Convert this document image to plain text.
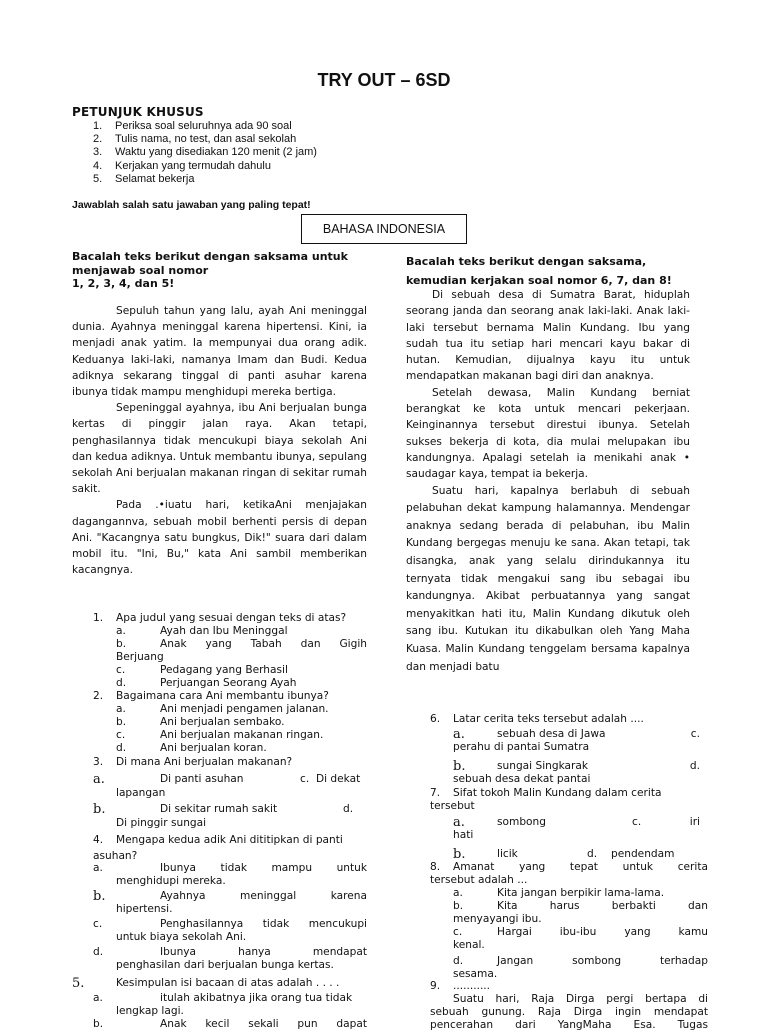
TRY OUT – 6SD
PETUNJUK KHUSUS
1.	Periksa soal seluruhnya ada 90 soal
2.	Tulis nama, no test, dan asal sekolah
3.	Waktu yang disediakan 120 menit (2 jam)
4.	Kerjakan yang termudah dahulu
5.	Selamat bekerja
Jawablah salah satu jawaban yang paling tepat!
BAHASA INDONESIA
Bacalah teks berikut dengan saksama untuk
menjawab soal nomor
1, 2, 3, 4, dan 5!

Sepuluh tahun yang lalu, ayah Ani meninggal dunia. Ayahnya meninggal karena hipertensi. Kini, ia menjadi anak yatim. Ia mempunyai dua orang adik. Keduanya laki-laki, namanya Imam dan Budi. Kedua adiknya sekarang tinggal di panti asuhar karena ibunya tidak mampu menghidupi mereka bertiga.

Sepeninggal ayahnya, ibu Ani berjualan bunga kertas di pinggir jalan raya. Akan tetapi, penghasilannya tidak mencukupi biaya sekolah Ani dan kedua adiknya. Untuk membantu ibunya, sepulang sekolah Ani berjualan makanan ringan di sekitar rumah sakit.

Pada .•iuatu hari, ketikaAni menjajakan dagangannva, sebuah mobil berhenti persis di depan Ani. "Kacangnya satu bungkus, Dik!" suara dari dalam mobil itu. "Ini, Bu," kata Ani sambil memberikan kacangnya.

1.	Apa judul yang sesuai dengan teks di atas?
a.	Ayah dan Ibu Meninggal
b.	Anak yang Tabah dan Gigih
Berjuang
c.	Pedagang yang Berhasil
d.	Perjuangan Seorang Ayah
2.	Bagaimana cara Ani membantu ibunya?
a.	Ani menjadi pengamen jalanan.
b.	Ani berjualan sembako.
c.	Ani berjualan makanan ringan.
d.	Ani berjualan koran.
3.	Di mana Ani berjualan makanan?
a.	Di panti asuhan	c.  Di dekat
lapangan
b.	Di sekitar rumah sakit	d.
Di pinggir sungai
4.	Mengapa kedua adik Ani dititipkan di panti
asuhan?
a.	Ibunya tidak mampu untuk
menghidupi mereka.
b.	Ayahnya meninggal karena
hipertensi.
c.	Penghasilannya tidak mencukupi
untuk biaya sekolah Ani.
d.	Ibunya hanya mendapat
penghasilan dari berjualan bunga kertas.
5.	Kesimpulan isi bacaan di atas adalah . . . .
a.	itulah akibatnya jika orang tua tidak
lengkap lagi.
b.	Anak kecil sekali pun dapat
Bacalah teks berikut dengan saksama,
kemudian kerjakan soal nomor 6, 7, dan 8!

Di sebuah desa di Sumatra Barat, hiduplah seorang janda dan seorang anak laki-laki. Anak laki-laki tersebut bernama Malin Kundang. Ibu yang sudah tua itu setiap hari mencari kayu bakar di hutan. Kemudian, dijualnya kayu itu untuk mendapatkan makanan bagi diri dan anaknya.

Setelah dewasa, Malin Kundang berniat berangkat ke kota untuk mencari pekerjaan. Keinginannya tersebut direstui ibunya. Setelah sukses bekerja di kota, dia mulai melupakan ibu kandungnya. Apalagi setelah ia menikahi anak • saudagar kaya, tempat ia bekerja.

Suatu hari, kapalnya berlabuh di sebuah pelabuhan dekat kampung halamannya. Mendengar anaknya sedang berada di pelabuhan, ibu Malin Kundang bergegas menuju ke sana. Akan tetapi, tak disangka, anak yang selalu dirindukannya itu ternyata tidak mengakui sang ibu sebagai ibu kandungnya. Akibat perbuatannya yang sangat menyakitkan hati itu, Malin Kundang dikutuk oleh sang ibu. Kutukan itu dikabulkan oleh Yang Maha Kuasa. Malin Kundang tenggelam bersama kapalnya dan menjadi batu

6.	Latar cerita teks tersebut adalah ....
a.	sebuah desa di Jawa	c.
perahu di pantai Sumatra
b.	sungai Singkarak	d.
sebuah desa dekat pantai
7.	Sifat tokoh Malin Kundang dalam cerita
tersebut
a.	sombong	c.	iri
hati
b.	licik	d.	pendendam
8.	Amanat yang tepat untuk cerita
tersebut adalah ...
a.	Kita jangan berpikir lama-lama.
b.	Kita harus berbakti dan
menyayangi ibu.
c.	Hargai ibu-ibu yang kamu
kenal.
d.	Jangan sombong terhadap
sesama.
9.	...........
Suatu hari, Raja Dirga pergi bertapa di
sebuah gunung. Raja Dirga ingin mendapat
pencerahan dari YangMaha Esa. Tugas
